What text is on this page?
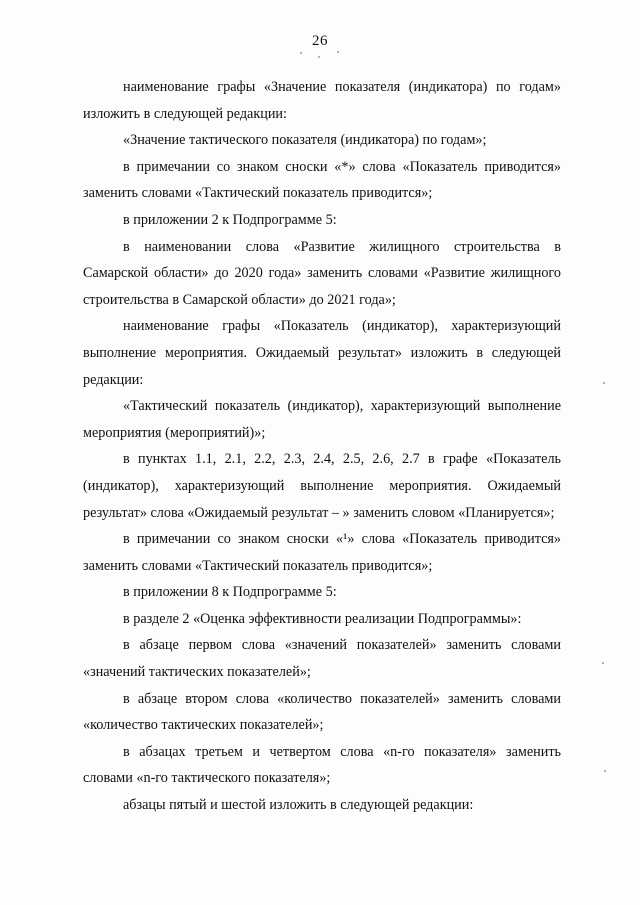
26

наименование графы «Значение показателя (индикатора) по годам» изложить в следующей редакции:

«Значение тактического показателя (индикатора) по годам»;

в примечании со знаком сноски «*» слова «Показатель приводится» заменить словами «Тактический показатель приводится»;

в приложении 2 к Подпрограмме 5:

в наименовании слова «Развитие жилищного строительства в Самарской области» до 2020 года» заменить словами «Развитие жилищного строительства в Самарской области» до 2021 года»;

наименование графы «Показатель (индикатор), характеризующий выполнение мероприятия. Ожидаемый результат» изложить в следующей редакции:

«Тактический показатель (индикатор), характеризующий выполнение мероприятия (мероприятий)»;

в пунктах 1.1, 2.1, 2.2, 2.3, 2.4, 2.5, 2.6, 2.7 в графе «Показатель (индикатор), характеризующий выполнение мероприятия. Ожидаемый результат» слова «Ожидаемый результат – » заменить словом «Планируется»;

в примечании со знаком сноски «¹» слова «Показатель приводится» заменить словами «Тактический показатель приводится»;

в приложении 8 к Подпрограмме 5:

в разделе 2 «Оценка эффективности реализации Подпрограммы»:

в абзаце первом слова «значений показателей» заменить словами «значений тактических показателей»;

в абзаце втором слова «количество показателей» заменить словами «количество тактических показателей»;

в абзацах третьем и четвертом слова «n-го показателя» заменить словами «n-го тактического показателя»;

абзацы пятый и шестой изложить в следующей редакции:
